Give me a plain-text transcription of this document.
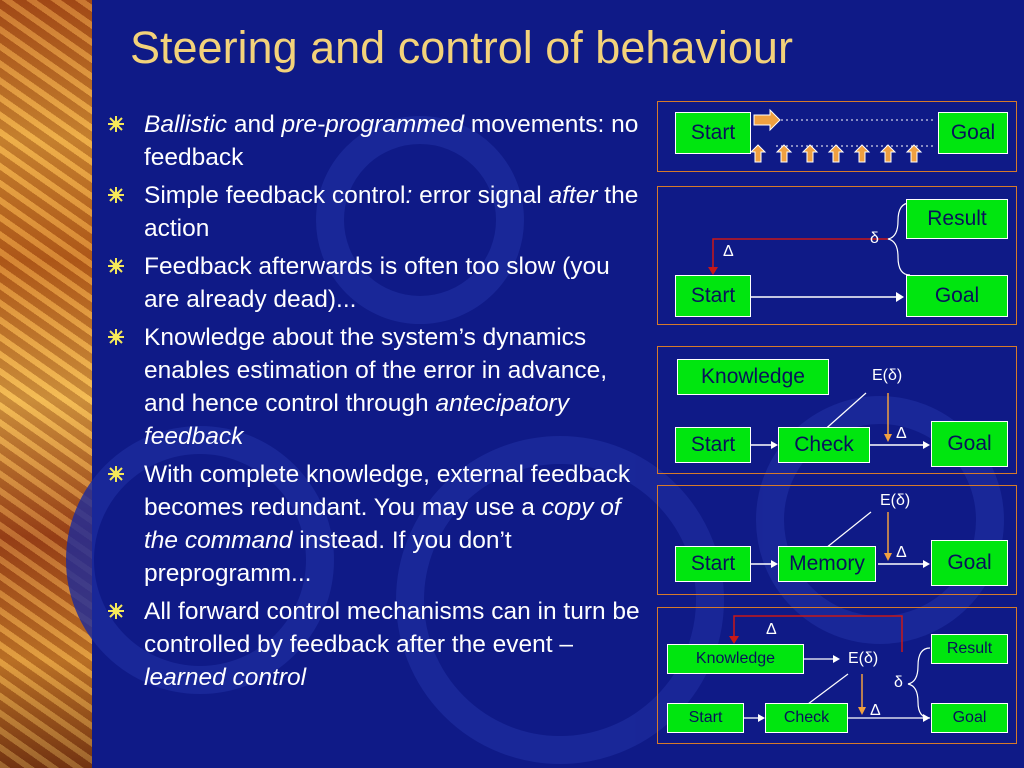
Steering and control of behaviour
Ballistic and pre-programmed movements: no feedback
Simple feedback control: error signal after the action
Feedback afterwards is often too slow (you are already dead)...
Knowledge about the system’s dynamics enables estimation of the error in advance, and hence control through antecipatory feedback
With complete knowledge, external feedback becomes redundant. You may use a copy of the command instead. If you don’t preprogramm...
All forward control mechanisms can in turn be controlled by feedback after the event – learned control
Start	Goal
Result
Start	Goal
δ
Δ
Knowledge
Start	Check	Goal
E(δ)
Δ
Start	Memory	Goal
E(δ)
Δ
Knowledge
Result
Start	Check	Goal
E(δ)
δ
Δ
Δ
